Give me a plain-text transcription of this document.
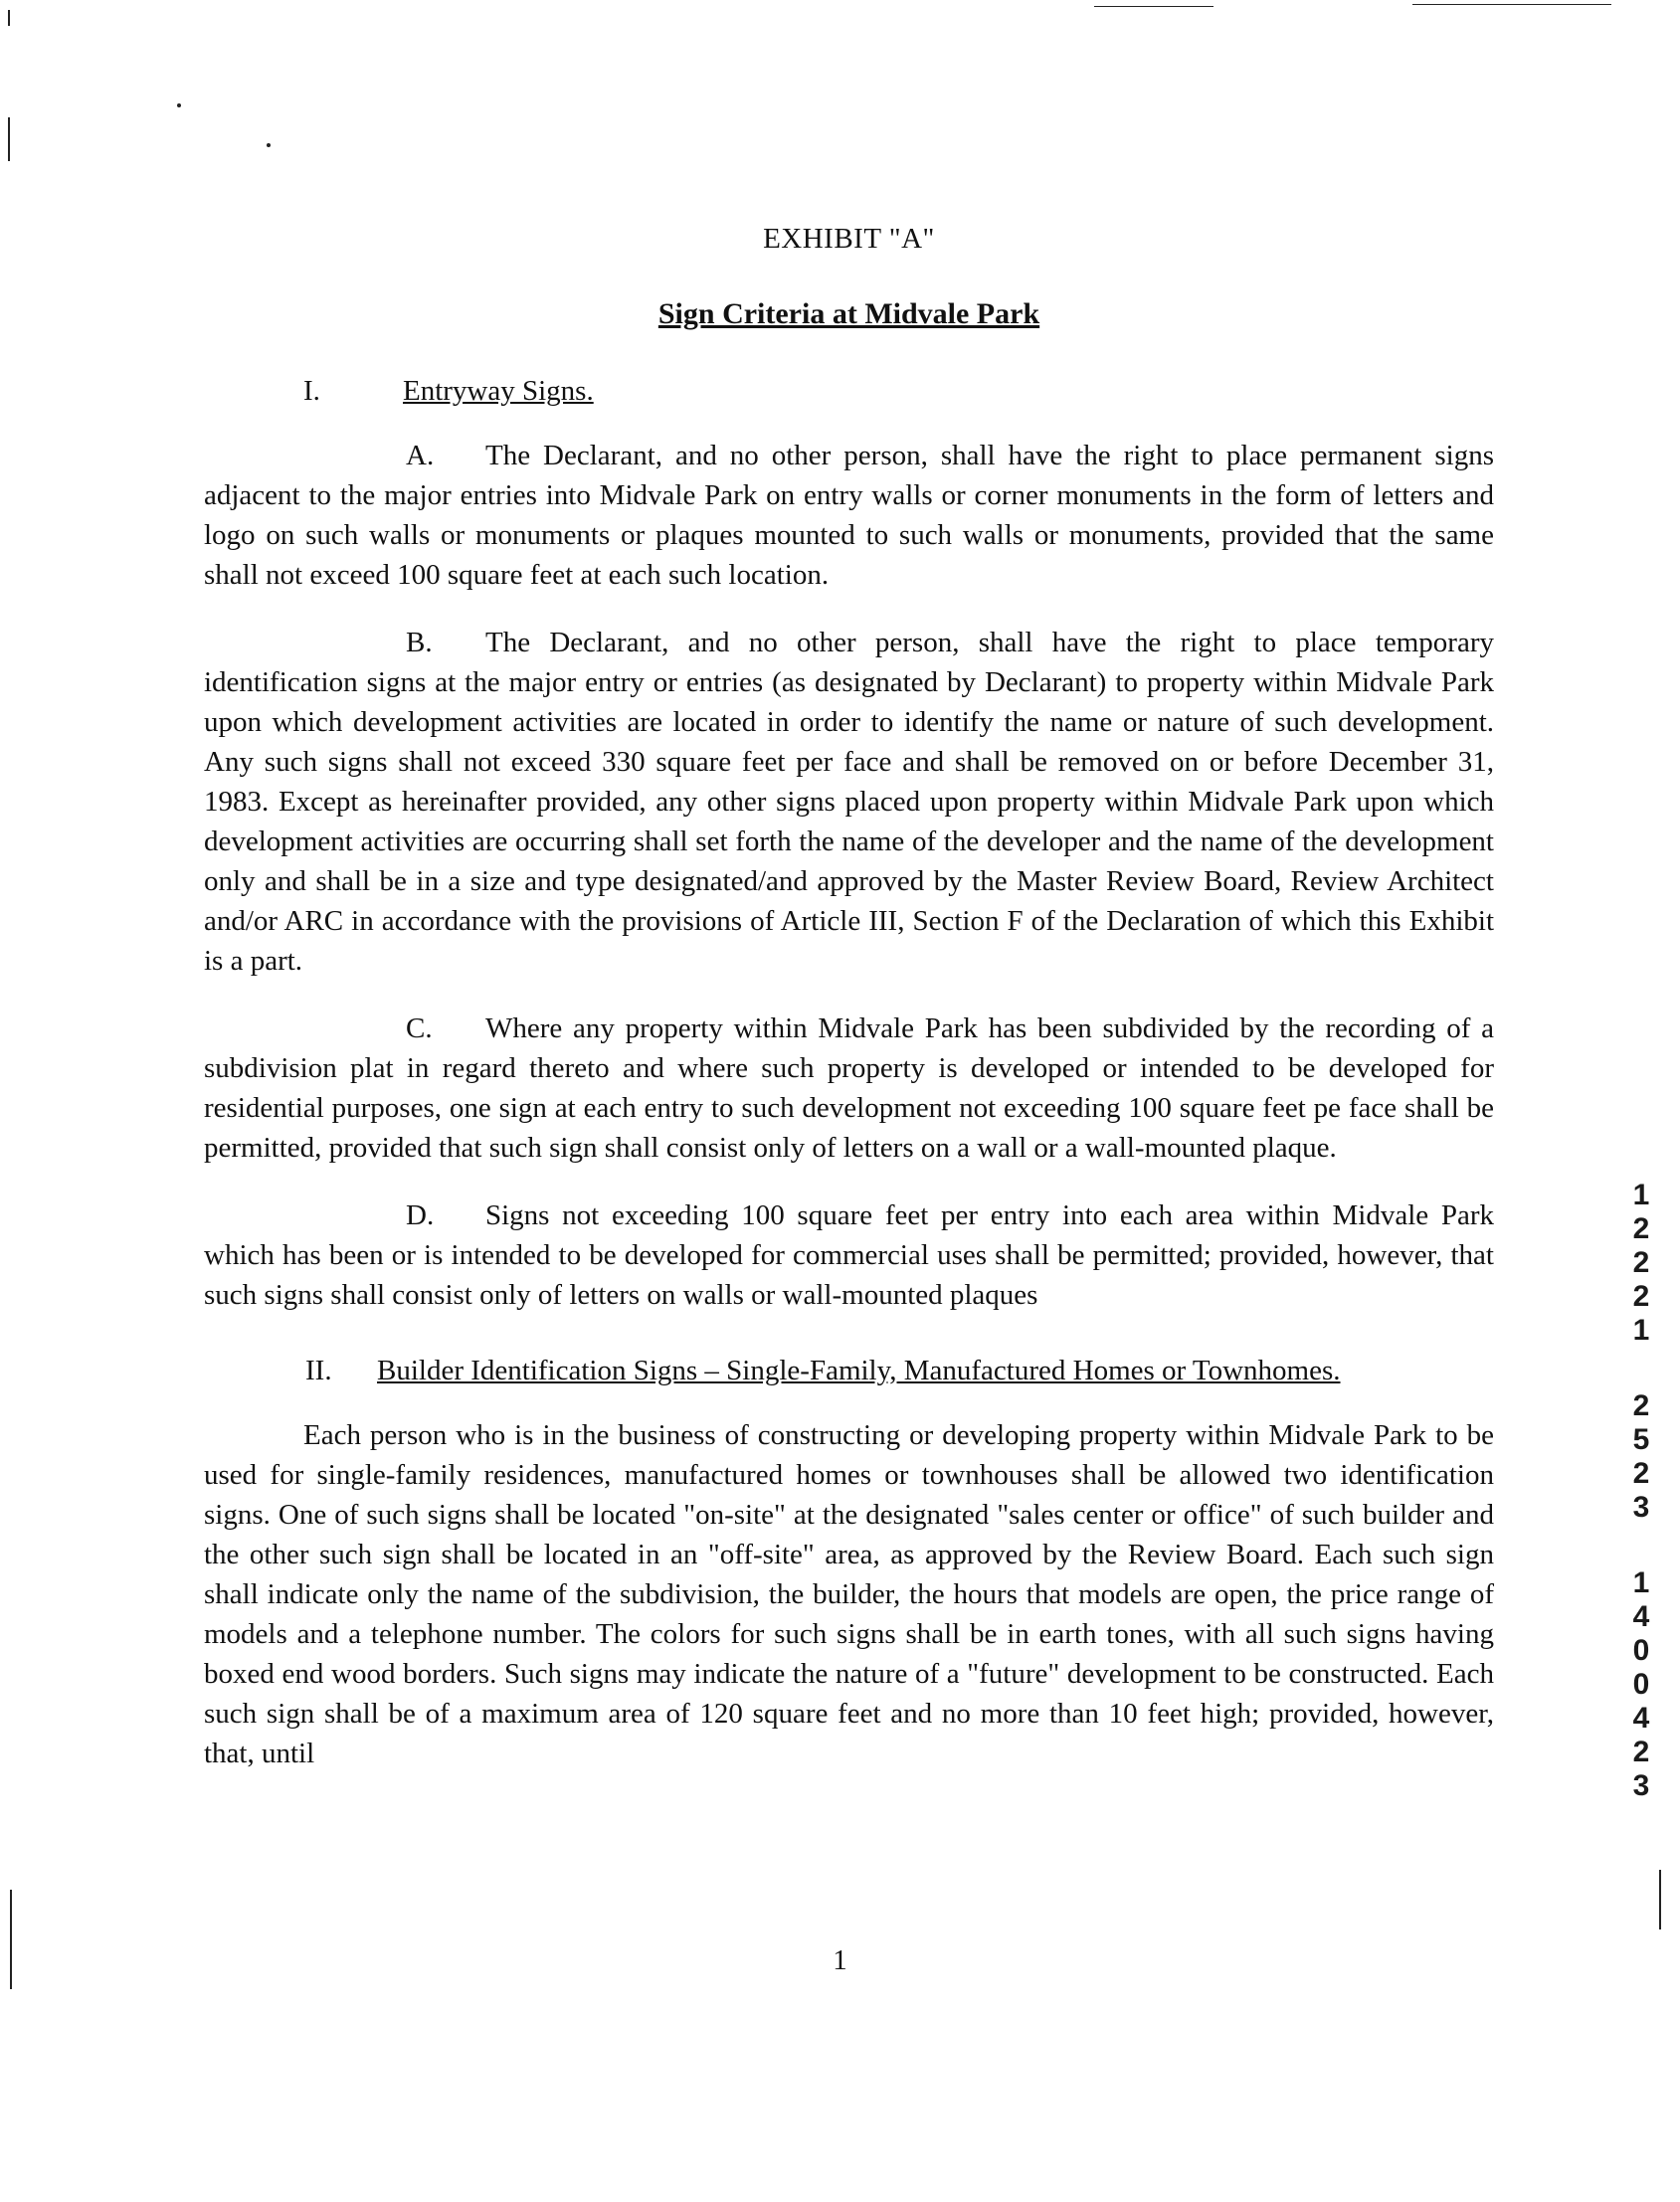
EXHIBIT "A"
Sign Criteria at Midvale Park
I.	Entryway Signs.

A. The Declarant, and no other person, shall have the right to place permanent signs adjacent to the major entries into Midvale Park on entry walls or corner monuments in the form of letters and logo on such walls or monuments or plaques mounted to such walls or monuments, provided that the same shall not exceed 100 square feet at each such location.

B. The Declarant, and no other person, shall have the right to place temporary identification signs at the major entry or entries (as designated by Declarant) to property within Midvale Park upon which development activities are located in order to identify the name or nature of such development. Any such signs shall not exceed 330 square feet per face and shall be removed on or before December 31, 1983. Except as hereinafter provided, any other signs placed upon property within Midvale Park upon which development activities are occurring shall set forth the name of the developer and the name of the development only and shall be in a size and type designated/and approved by the Master Review Board, Review Architect and/or ARC in accordance with the provisions of Article III, Section F of the Declaration of which this Exhibit is a part.

C. Where any property within Midvale Park has been subdivided by the recording of a subdivision plat in regard thereto and where such property is developed or intended to be developed for residential purposes, one sign at each entry to such development not exceeding 100 square feet pe face shall be permitted, provided that such sign shall consist only of letters on a wall or a wall-mounted plaque.

D. Signs not exceeding 100 square feet per entry into each area within Midvale Park which has been or is intended to be developed for commercial uses shall be permitted; provided, however, that such signs shall consist only of letters on walls or wall-mounted plaques

II.	Builder Identification Signs – Single-Family, Manufactured Homes or Townhomes.

Each person who is in the business of constructing or developing property within Midvale Park to be used for single-family residences, manufactured homes or townhouses shall be allowed two identification signs. One of such signs shall be located "on-site" at the designated "sales center or office" of such builder and the other such sign shall be located in an "off-site" area, as approved by the Review Board. Each such sign shall indicate only the name of the subdivision, the builder, the hours that models are open, the price range of models and a telephone number. The colors for such signs shall be in earth tones, with all such signs having boxed end wood borders. Such signs may indicate the nature of a "future" development to be constructed. Each such sign shall be of a maximum area of 120 square feet and no more than 10 feet high; provided, however, that, until

1
1
2
2
2
1
2
5
2
3
1
4
0
0
4
2
3
